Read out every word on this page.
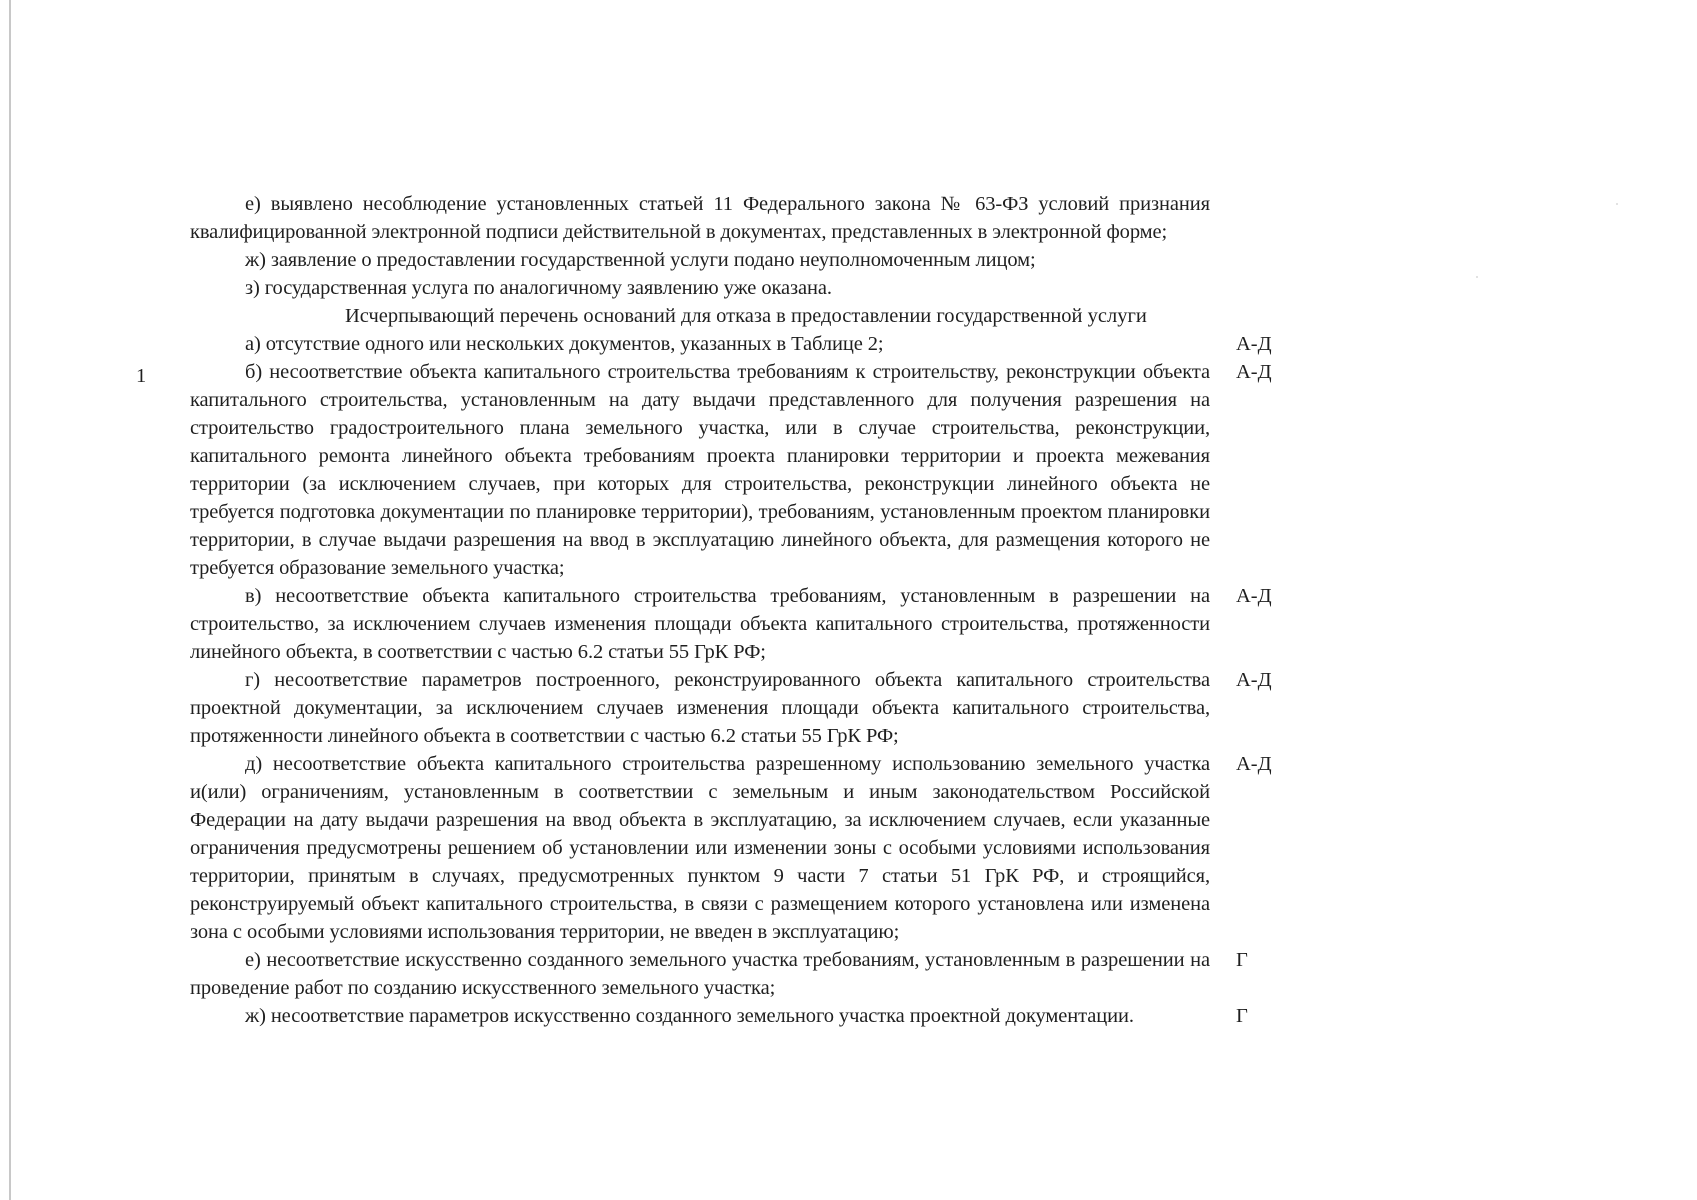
1
е) выявлено несоблюдение установленных статьей 11 Федерального закона № 63-ФЗ условий признания квалифицированной электронной подписи действительной в документах, представленных в электронной форме;
ж) заявление о предоставлении государственной услуги подано неуполномоченным лицом;
з) государственная услуга по аналогичному заявлению уже оказана.
Исчерпывающий перечень оснований для отказа в предоставлении государственной услуги
а) отсутствие одного или нескольких документов, указанных в Таблице 2;	А-Д
б) несоответствие объекта капитального строительства требованиям к строительству, реконструкции объекта капитального строительства, установленным на дату выдачи представленного для получения разрешения на строительство градостроительного плана земельного участка, или в случае строительства, реконструкции, капитального ремонта линейного объекта требованиям проекта планировки территории и проекта межевания территории (за исключением случаев, при которых для строительства, реконструкции линейного объекта не требуется подготовка документации по планировке территории), требованиям, установленным проектом планировки территории, в случае выдачи разрешения на ввод в эксплуатацию линейного объекта, для размещения которого не требуется образование земельного участка;
А-Д
в) несоответствие объекта капитального строительства требованиям, установленным в разрешении на строительство, за исключением случаев изменения площади объекта капитального строительства, протяженности линейного объекта, в соответствии с частью 6.2 статьи 55 ГрК РФ;
А-Д
г) несоответствие параметров построенного, реконструированного объекта капитального строительства проектной документации, за исключением случаев изменения площади объекта капитального строительства, протяженности линейного объекта в соответствии с частью 6.2 статьи 55 ГрК РФ;
А-Д
д) несоответствие объекта капитального строительства разрешенному использованию земельного участка и(или) ограничениям, установленным в соответствии с земельным и иным законодательством Российской Федерации на дату выдачи разрешения на ввод объекта в эксплуатацию, за исключением случаев, если указанные ограничения предусмотрены решением об установлении или изменении зоны с особыми условиями использования территории, принятым в случаях, предусмотренных пунктом 9 части 7 статьи 51 ГрК РФ, и строящийся, реконструируемый объект капитального строительства, в связи с размещением которого установлена или изменена зона с особыми условиями использования территории, не введен в эксплуатацию;
А-Д
е) несоответствие искусственно созданного земельного участка требованиям, установленным в разрешении на проведение работ по созданию искусственного земельного участка;
Г
ж) несоответствие параметров искусственно созданного земельного участка проектной документации.	Г
